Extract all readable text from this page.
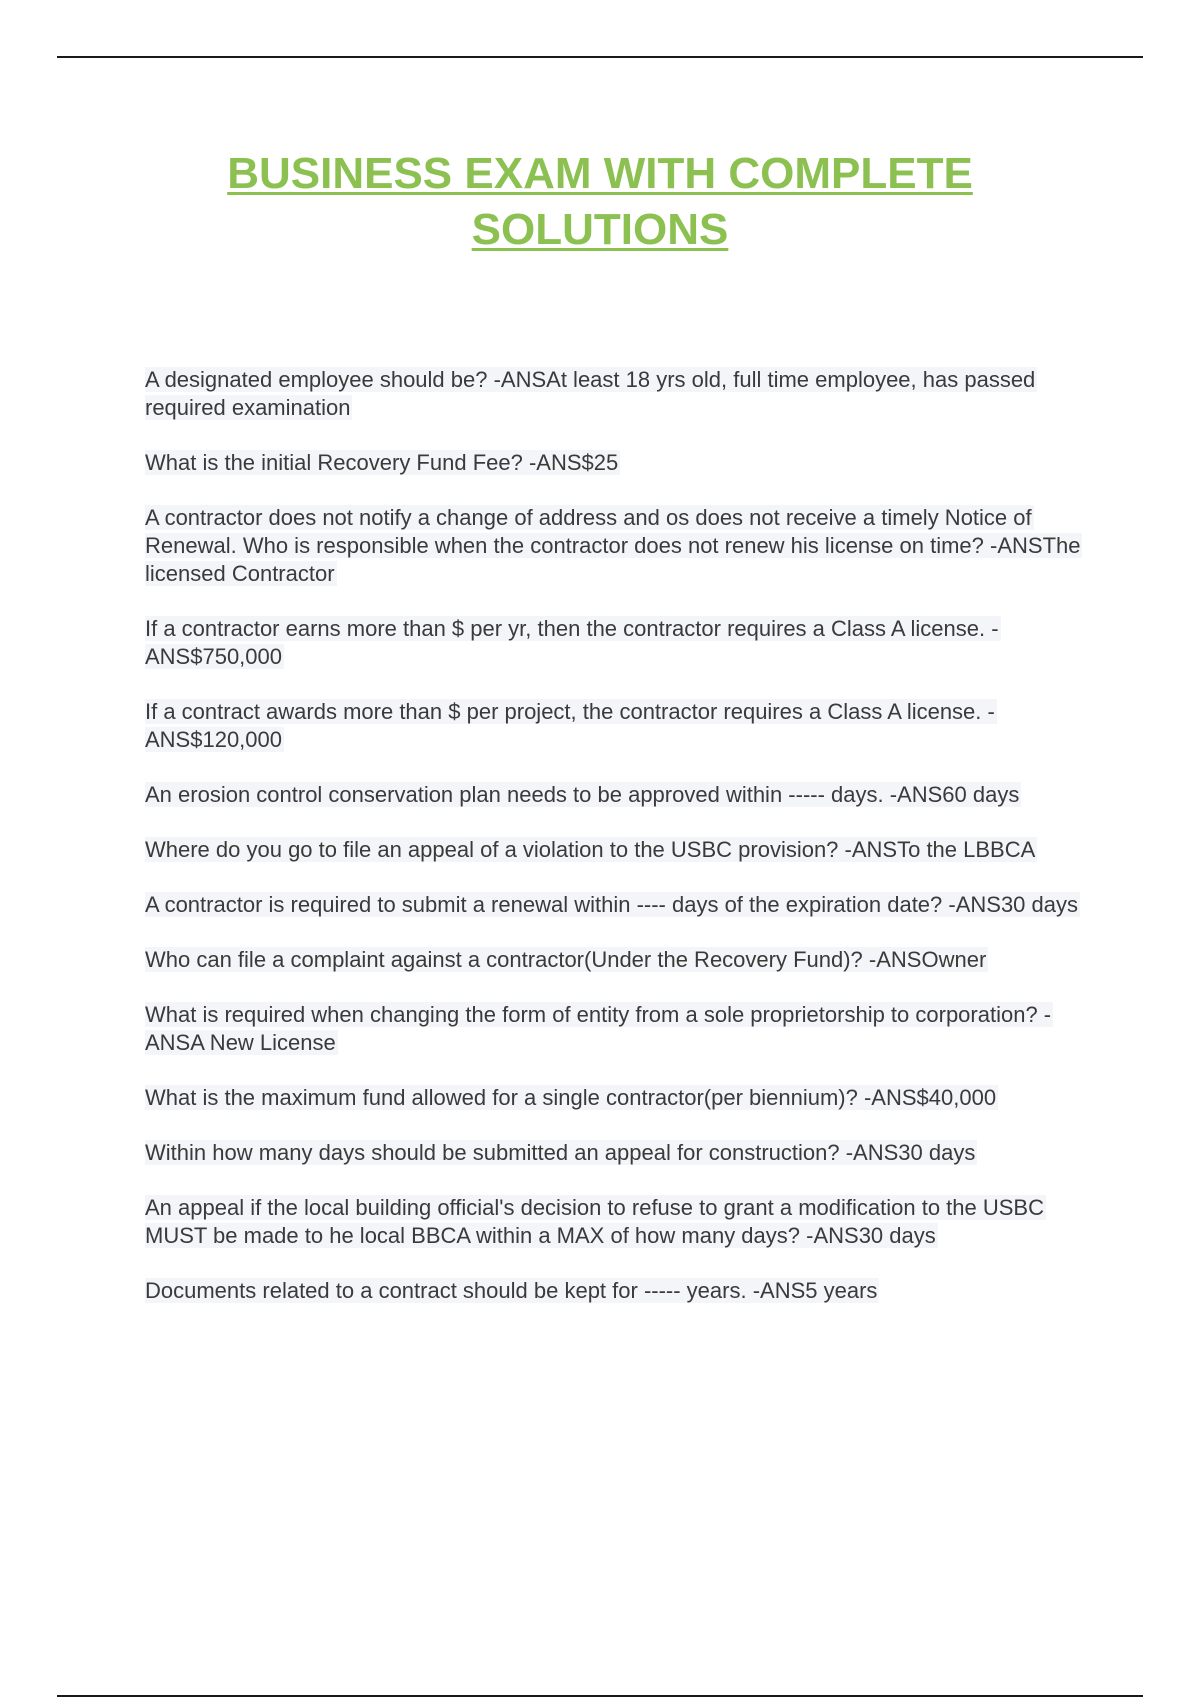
BUSINESS EXAM WITH COMPLETE
SOLUTIONS
A designated employee should be? -ANSAt least 18 yrs old, full time employee, has passed required examination
What is the initial Recovery Fund Fee? -ANS$25
A contractor does not notify a change of address and os does not receive a timely Notice of Renewal. Who is responsible when the contractor does not renew his license on time? -ANSThe licensed Contractor
If a contractor earns more than $ per yr, then the contractor requires a Class A license. -ANS$750,000
If a contract awards more than $ per project, the contractor requires a Class A license. -ANS$120,000
An erosion control conservation plan needs to be approved within ----- days. -ANS60 days
Where do you go to file an appeal of a violation to the USBC provision? -ANSTo the LBBCA
A contractor is required to submit a renewal within ---- days of the expiration date? -ANS30 days
Who can file a complaint against a contractor(Under the Recovery Fund)? -ANSOwner
What is required when changing the form of entity from a sole proprietorship to corporation? -ANSA New License
What is the maximum fund allowed for a single contractor(per biennium)? -ANS$40,000
Within how many days should be submitted an appeal for construction? -ANS30 days
An appeal if the local building official's decision to refuse to grant a modification to the USBC MUST be made to he local BBCA within a MAX of how many days? -ANS30 days
Documents related to a contract should be kept for ----- years. -ANS5 years
